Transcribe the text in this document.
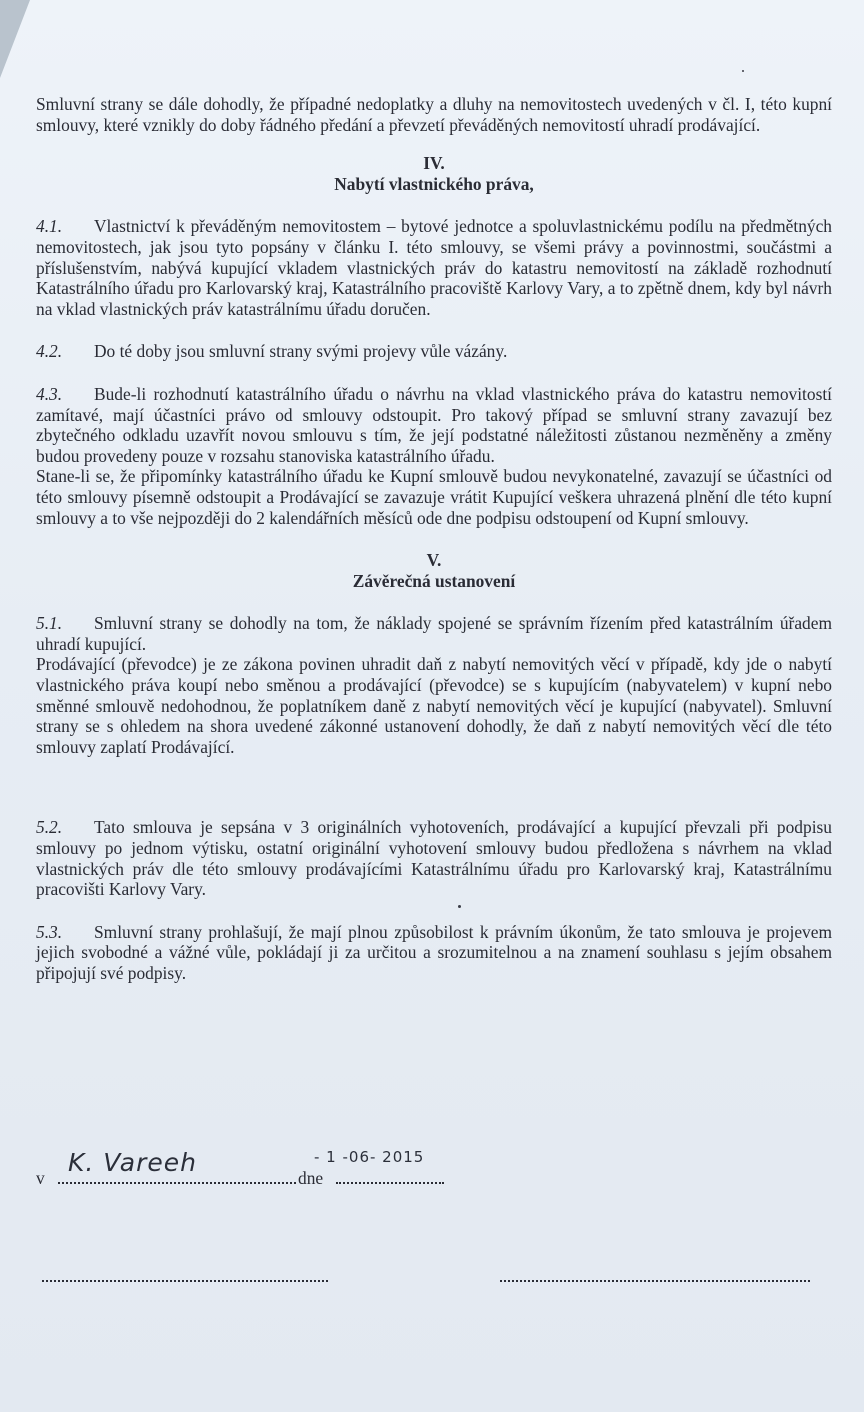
Smluvní strany se dále dohodly, že případné nedoplatky a dluhy na nemovitostech uvedených v čl. I, této kupní smlouvy, které vznikly do doby řádného předání a převzetí převáděných nemovitostí uhradí prodávající.

IV.

Nabytí vlastnického práva,

4.1. Vlastnictví k převáděným nemovitostem – bytové jednotce a spoluvlastnickému podílu na předmětných nemovitostech, jak jsou tyto popsány v článku I. této smlouvy, se všemi právy a povinnostmi, součástmi a příslušenstvím, nabývá kupující vkladem vlastnických práv do katastru nemovitostí na základě rozhodnutí Katastrálního úřadu pro Karlovarský kraj, Katastrálního pracoviště Karlovy Vary, a to zpětně dnem, kdy byl návrh na vklad vlastnických práv katastrálnímu úřadu doručen.

4.2. Do té doby jsou smluvní strany svými projevy vůle vázány.

4.3. Bude-li rozhodnutí katastrálního úřadu o návrhu na vklad vlastnického práva do katastru nemovitostí zamítavé, mají účastníci právo od smlouvy odstoupit. Pro takový případ se smluvní strany zavazují bez zbytečného odkladu uzavřít novou smlouvu s tím, že její podstatné náležitosti zůstanou nezměněny a změny budou provedeny pouze v rozsahu stanoviska katastrálního úřadu.

Stane-li se, že připomínky katastrálního úřadu ke Kupní smlouvě budou nevykonatelné, zavazují se účastníci od této smlouvy písemně odstoupit a Prodávající se zavazuje vrátit Kupující veškera uhrazená plnění dle této kupní smlouvy a to vše nejpozději do 2 kalendářních měsíců ode dne podpisu odstoupení od Kupní smlouvy.

V.

Závěrečná ustanovení

5.1. Smluvní strany se dohodly na tom, že náklady spojené se správním řízením před katastrálním úřadem uhradí kupující.

Prodávající (převodce) je ze zákona povinen uhradit daň z nabytí nemovitých věcí v případě, kdy jde o nabytí vlastnického práva koupí nebo směnou a prodávající (převodce) se s kupujícím (nabyvatelem) v kupní nebo směnné smlouvě nedohodnou, že poplatníkem daně z nabytí nemovitých věcí je kupující (nabyvatel). Smluvní strany se s ohledem na shora uvedené zákonné ustanovení dohodly, že daň z nabytí nemovitých věcí dle této smlouvy zaplatí Prodávající.

5.2. Tato smlouva je sepsána v 3 originálních vyhotoveních, prodávající a kupující převzali při podpisu smlouvy po jednom výtisku, ostatní originální vyhotovení smlouvy budou předložena s návrhem na vklad vlastnických práv dle této smlouvy prodávajícími Katastrálnímu úřadu pro Karlovarský kraj, Katastrálnímu pracovišti Karlovy Vary.

5.3. Smluvní strany prohlašují, že mají plnou způsobilost k právním úkonům, že tato smlouva je projevem jejich svobodné a vážné vůle, pokládají ji za určitou a srozumitelnou a na znamení souhlasu s jejím obsahem připojují své podpisy.

v
K. Vareeh
dne
- 1 -06- 2015
